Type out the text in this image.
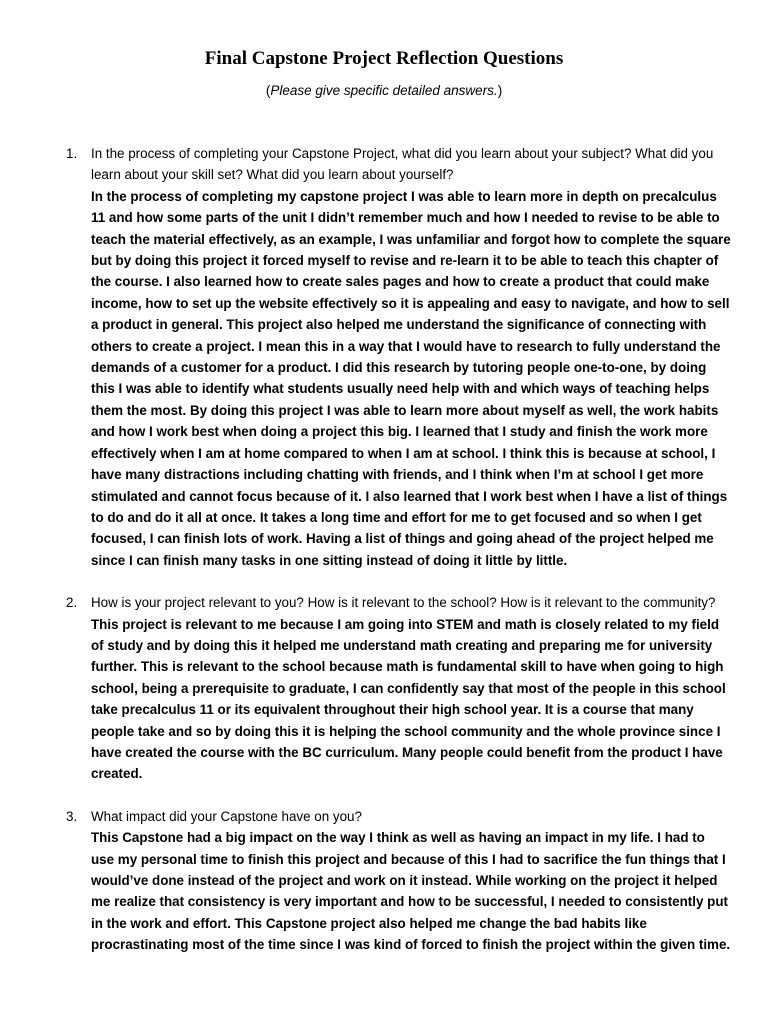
Final Capstone Project Reflection Questions
(Please give specific detailed answers.)
1. In the process of completing your Capstone Project, what did you learn about your subject? What did you learn about your skill set? What did you learn about yourself?

In the process of completing my capstone project I was able to learn more in depth on precalculus 11 and how some parts of the unit I didn’t remember much and how I needed to revise to be able to teach the material effectively, as an example, I was unfamiliar and forgot how to complete the square but by doing this project it forced myself to revise and re-learn it to be able to teach this chapter of the course. I also learned how to create sales pages and how to create a product that could make income, how to set up the website effectively so it is appealing and easy to navigate, and how to sell a product in general. This project also helped me understand the significance of connecting with others to create a project. I mean this in a way that I would have to research to fully understand the demands of a customer for a product. I did this research by tutoring people one-to-one, by doing this I was able to identify what students usually need help with and which ways of teaching helps them the most. By doing this project I was able to learn more about myself as well, the work habits and how I work best when doing a project this big. I learned that I study and finish the work more effectively when I am at home compared to when I am at school. I think this is because at school, I have many distractions including chatting with friends, and I think when I’m at school I get more stimulated and cannot focus because of it. I also learned that I work best when I have a list of things to do and do it all at once. It takes a long time and effort for me to get focused and so when I get focused, I can finish lots of work. Having a list of things and going ahead of the project helped me since I can finish many tasks in one sitting instead of doing it little by little.

2. How is your project relevant to you? How is it relevant to the school? How is it relevant to the community?

This project is relevant to me because I am going into STEM and math is closely related to my field of study and by doing this it helped me understand math creating and preparing me for university further. This is relevant to the school because math is fundamental skill to have when going to high school, being a prerequisite to graduate, I can confidently say that most of the people in this school take precalculus 11 or its equivalent throughout their high school year. It is a course that many people take and so by doing this it is helping the school community and the whole province since I have created the course with the BC curriculum. Many people could benefit from the product I have created.

3. What impact did your Capstone have on you?

This Capstone had a big impact on the way I think as well as having an impact in my life. I had to use my personal time to finish this project and because of this I had to sacrifice the fun things that I would’ve done instead of the project and work on it instead. While working on the project it helped me realize that consistency is very important and how to be successful, I needed to consistently put in the work and effort. This Capstone project also helped me change the bad habits like procrastinating most of the time since I was kind of forced to finish the project within the given time.
